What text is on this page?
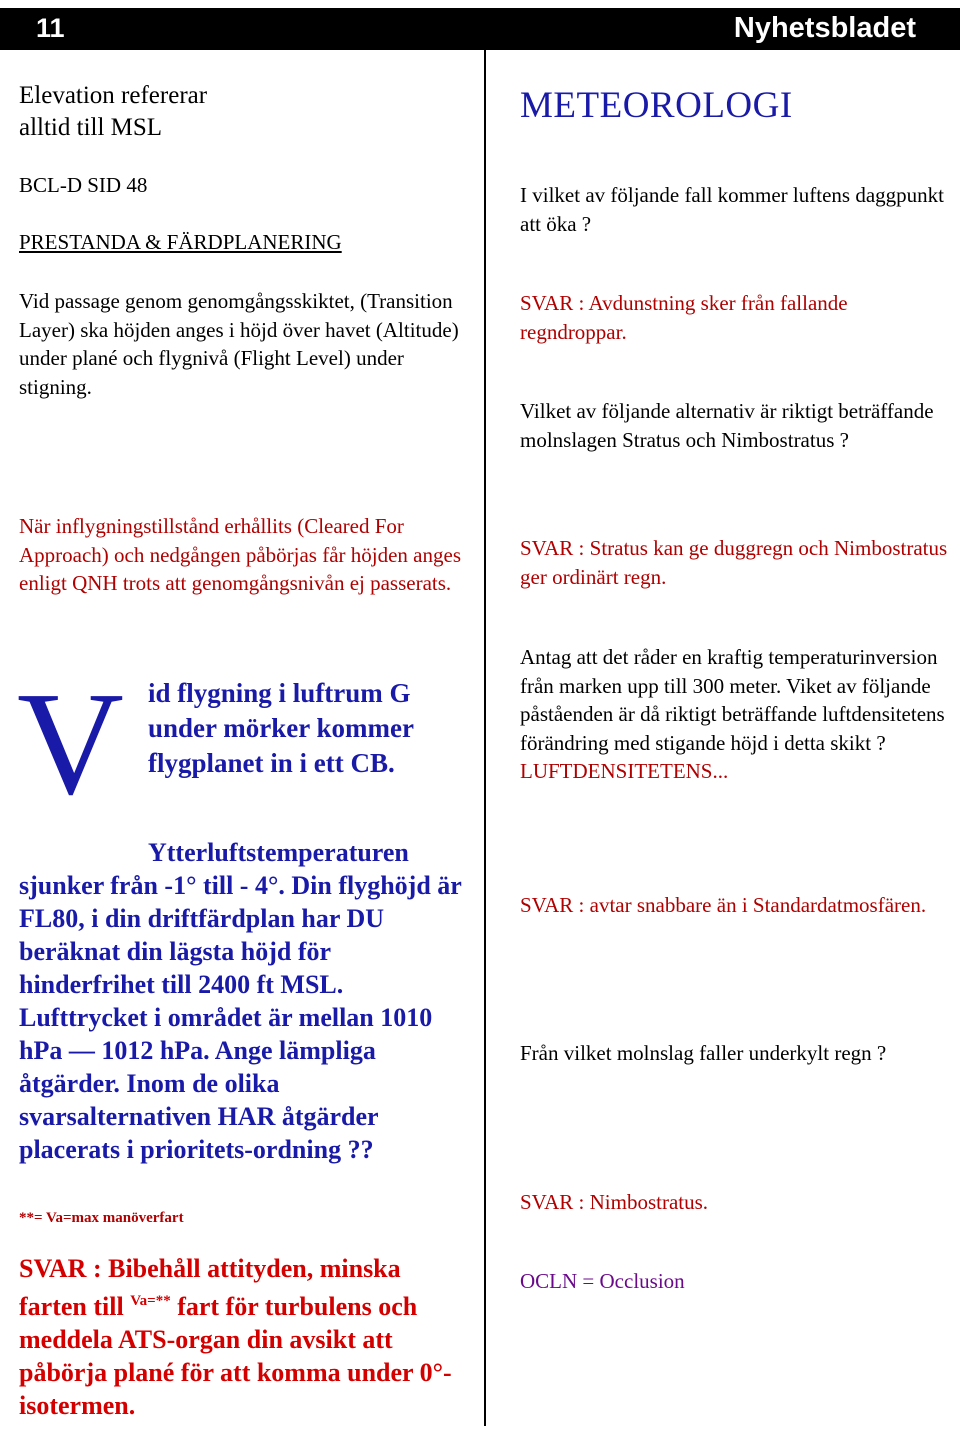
11	Nyhetsbladet
Elevation refererar
alltid till MSL

BCL-D SID 48

PRESTANDA & FÄRDPLANERING

Vid passage genom genomgångsskiktet, (Transition Layer) ska höjden anges i höjd över havet (Altitude) under plané och flygnivå (Flight Level) under stigning.

När inflygningstillstånd erhållits (Cleared For Approach) och nedgången påbörjas får höjden anges enligt QNH trots att genomgångsnivån ej passerats.

V id flygning i luftrum G under mörker kommer flygplanet in i ett CB.
Ytterluftstemperaturen
sjunker från -1° till - 4°. Din flyghöjd är FL80, i din driftfärdplan har DU beräknat din lägsta höjd för hinderfrihet till 2400 ft MSL. Lufttrycket i området är mellan 1010 hPa — 1012 hPa. Ange lämpliga åtgärder. Inom de olika svarsalternativen HAR åtgärder placerats i prioritets-ordning ??

**= Va=max manöverfart

SVAR : Bibehåll attityden, minska farten till $^{Va=**}$ fart för turbulens och meddela ATS-organ din avsikt att påbörja plané för att komma under 0°-isotermen.
METEOROLOGI

I vilket av följande fall kommer luftens daggpunkt att öka ?

SVAR : Avdunstning sker från fallande regndroppar.

Vilket av följande alternativ är riktigt beträffande molnslagen Stratus och Nimbostratus ?

SVAR : Stratus kan ge duggregn och Nimbostratus ger ordinärt regn.

Antag att det råder en kraftig temperaturinversion från marken upp till 300 meter. Viket av följande påståenden är då riktigt beträffande luftdensitetens förändring med stigande höjd i detta skikt ?
LUFTDENSITETENS...

SVAR : avtar snabbare än i Standardatmosfären.

Från vilket molnslag faller underkylt regn ?

SVAR : Nimbostratus.

OCLN = Occlusion
